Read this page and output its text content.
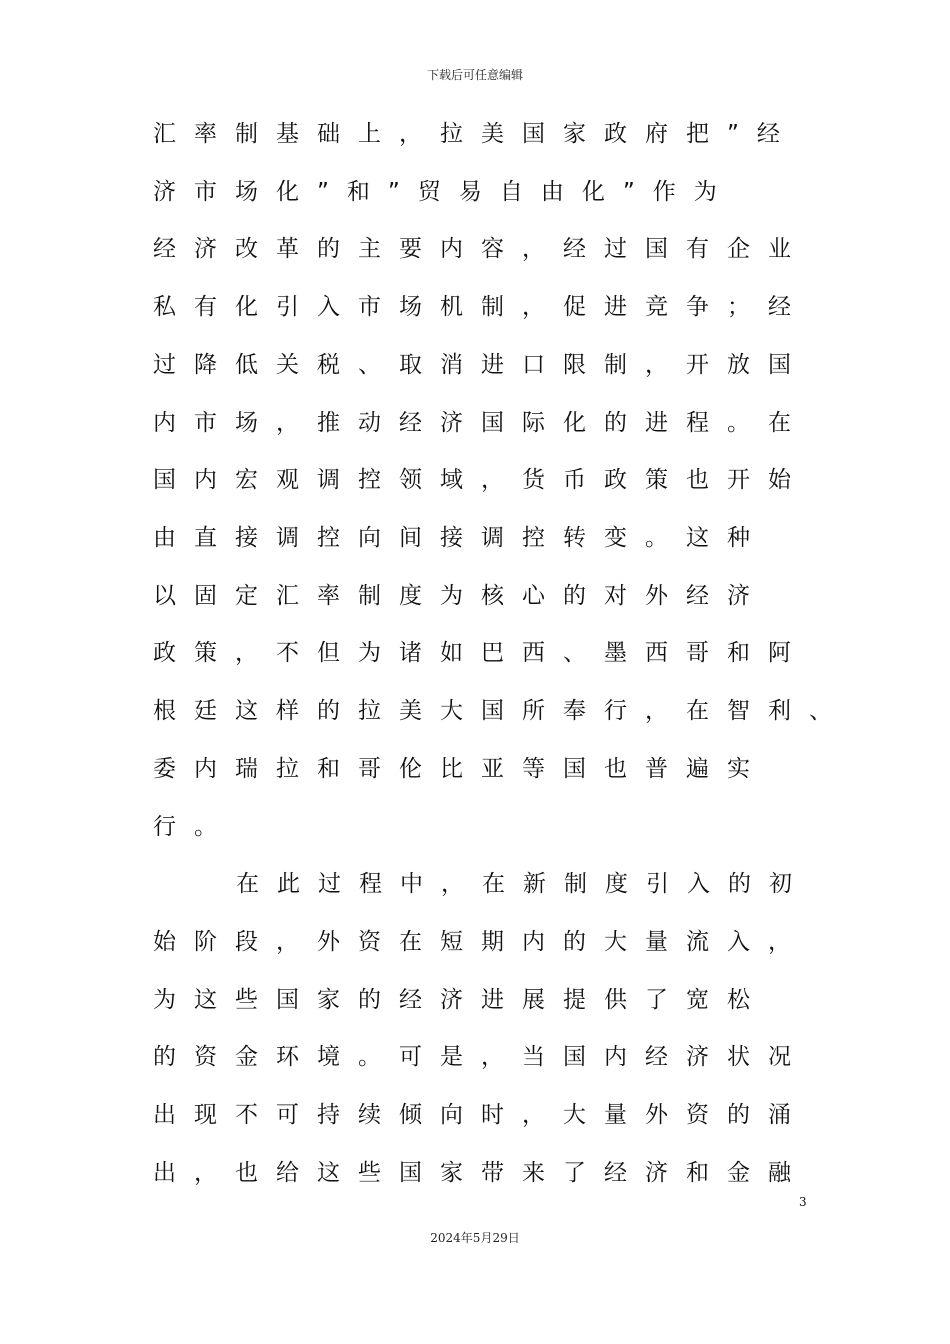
下载后可任意编辑
汇率制基础上，拉美国家政府把”经
济市场化”和”贸易自由化”作为
经济改革的主要内容，经过国有企业
私有化引入市场机制，促进竞争；经
过降低关税、取消进口限制，开放国
内市场，推动经济国际化的进程。在
国内宏观调控领域，货币政策也开始
由直接调控向间接调控转变。这种
以固定汇率制度为核心的对外经济
政策，不但为诸如巴西、墨西哥和阿
根廷这样的拉美大国所奉行，在智利、
委内瑞拉和哥伦比亚等国也普遍实
行。
在此过程中，在新制度引入的初
始阶段，外资在短期内的大量流入，
为这些国家的经济进展提供了宽松
的资金环境。可是，当国内经济状况
出现不可持续倾向时，大量外资的涌
出，也给这些国家带来了经济和金融
3
2024年5月29日
